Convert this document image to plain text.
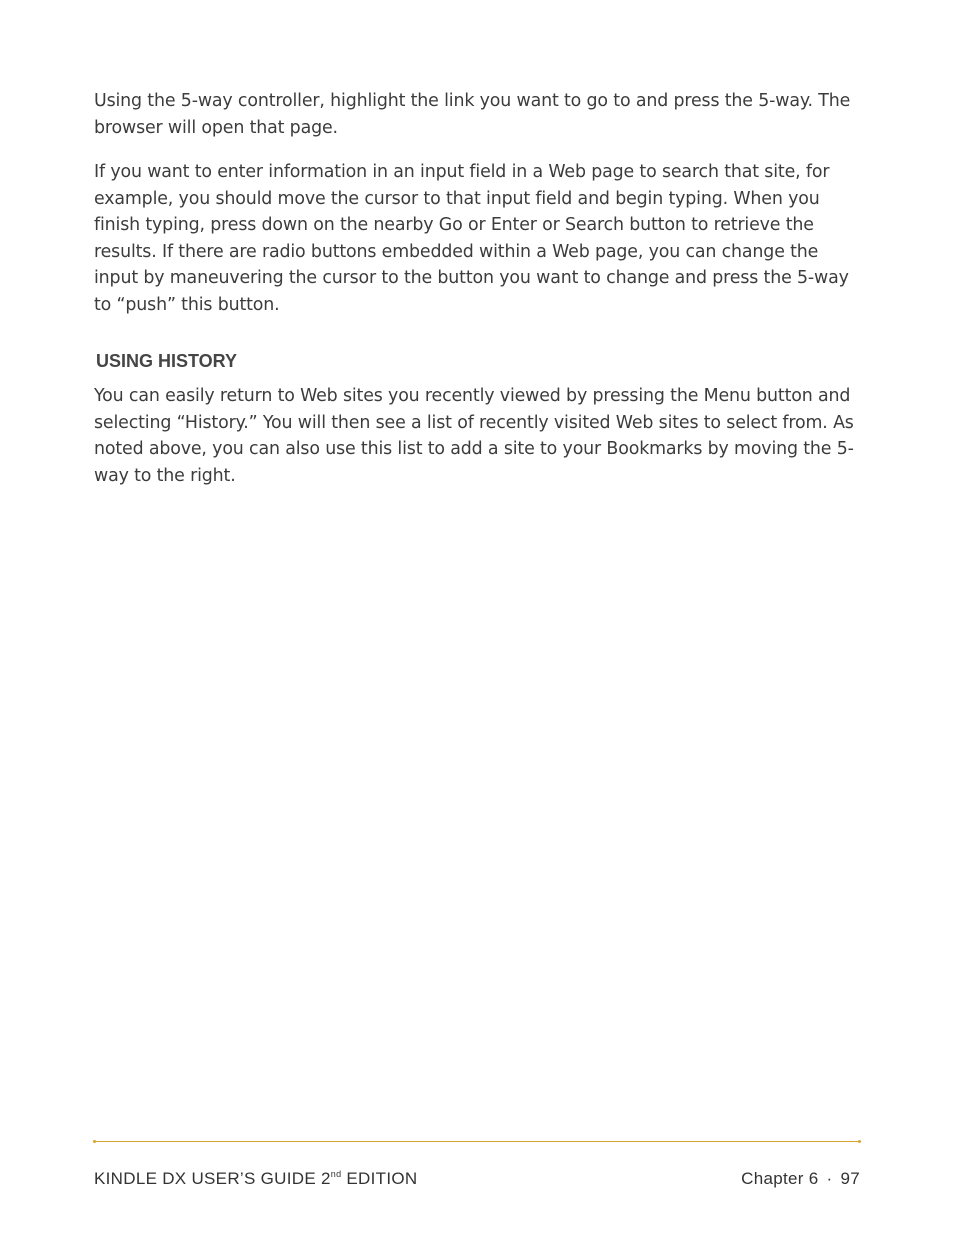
Using the 5-way controller, highlight the link you want to go to and press the 5-way. The browser will open that page.

If you want to enter information in an input field in a Web page to search that site, for example, you should move the cursor to that input field and begin typing. When you finish typing, press down on the nearby Go or Enter or Search button to retrieve the results. If there are radio buttons embedded within a Web page, you can change the input by maneuvering the cursor to the button you want to change and press the 5-way to “push” this button.

USING HISTORY

You can easily return to Web sites you recently viewed by pressing the Menu button and selecting “History.” You will then see a list of recently visited Web sites to select from. As noted above, you can also use this list to add a site to your Bookmarks by moving the 5-way to the right.

KINDLE DX USER’S GUIDE 2nd EDITION	Chapter 6 · 97
